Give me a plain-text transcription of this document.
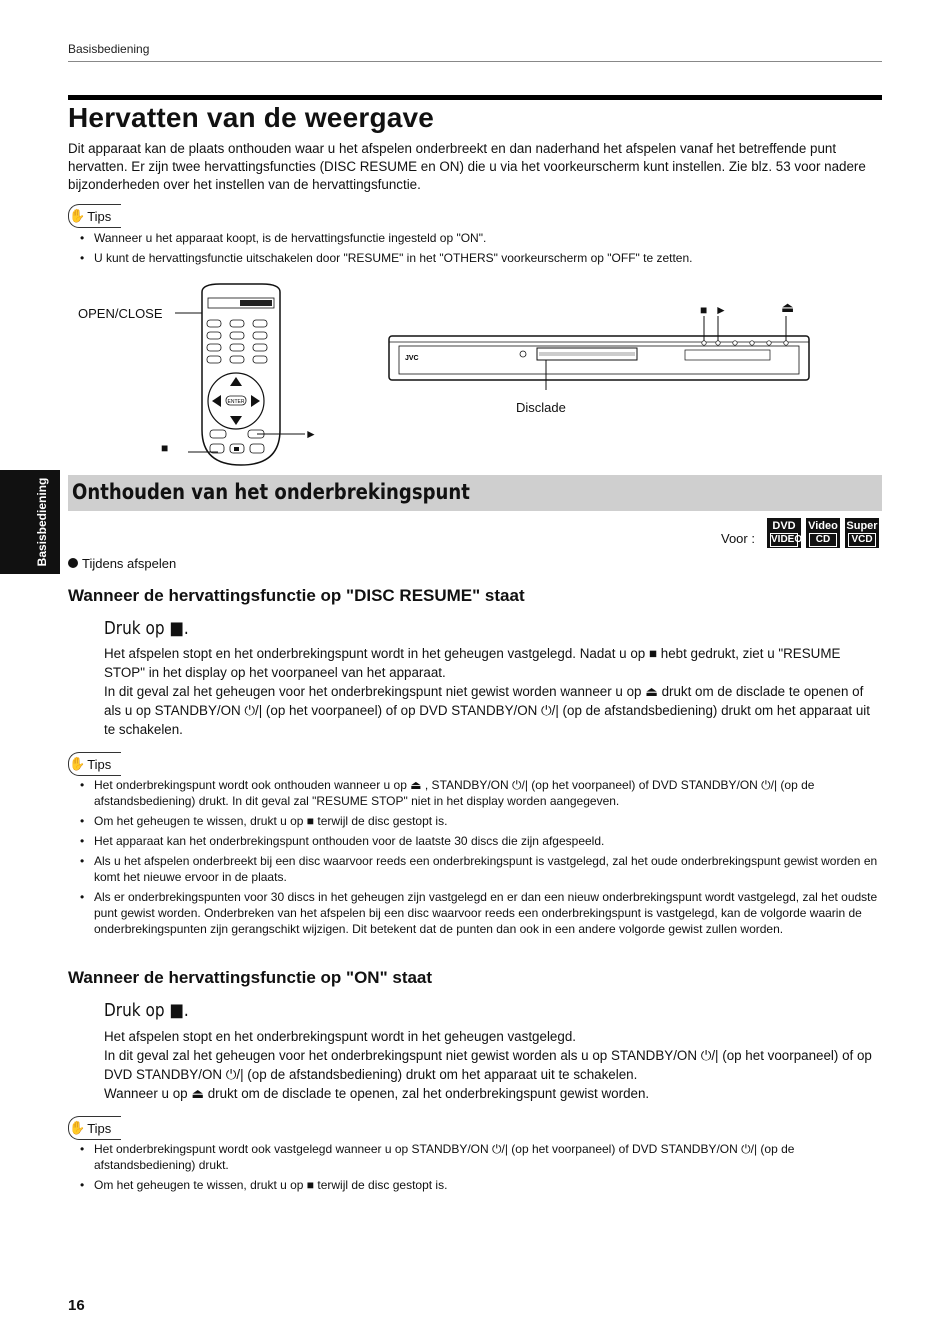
Basisbediening
Hervatten van de weergave
Dit apparaat kan de plaats onthouden waar u het afspelen onderbreekt en dan naderhand het afspelen vanaf het betreffende punt hervatten. Er zijn twee hervattingsfuncties (DISC RESUME en ON) die u via het voorkeurscherm kunt instellen. Zie blz. 53 voor nadere bijzonderheden over het instellen van de hervattingsfunctie.
✋ Tips
• Wanneer u het apparaat koopt, is de hervattingsfunctie ingesteld op "ON".
• U kunt de hervattingsfunctie uitschakelen door "RESUME" in het "OTHERS" voorkeurscherm op "OFF" te zetten.
OPEN/CLOSE
ENTER
■
►
JVC
■ ►	⏏
Disclade
Basisbediening Onthouden van het onderbrekingspunt
Voor :
DVD
VIDEO
Video
CD
Super
VCD
Tijdens afspelen
Wanneer de hervattingsfunctie op "DISC RESUME" staat
Druk op ■.
Het afspelen stopt en het onderbrekingspunt wordt in het geheugen vastgelegd. Nadat u op ■ hebt gedrukt, ziet u "RESUME STOP" in het display op het voorpaneel van het apparaat.
In dit geval zal het geheugen voor het onderbrekingspunt niet gewist worden wanneer u op ⏏ drukt om de disclade te openen of als u op STANDBY/ON ⏻/| (op het voorpaneel) of op DVD STANDBY/ON ⏻/| (op de afstandsbediening) drukt om het apparaat uit te schakelen.
✋ Tips
• Het onderbrekingspunt wordt ook onthouden wanneer u op ⏏ , STANDBY/ON ⏻/| (op het voorpaneel) of DVD STANDBY/ON ⏻/| (op de afstandsbediening) drukt. In dit geval zal "RESUME STOP" niet in het display worden aangegeven.
• Om het geheugen te wissen, drukt u op ■ terwijl de disc gestopt is.
• Het apparaat kan het onderbrekingspunt onthouden voor de laatste 30 discs die zijn afgespeeld.
• Als u het afspelen onderbreekt bij een disc waarvoor reeds een onderbrekingspunt is vastgelegd, zal het oude onderbrekingspunt gewist worden en komt het nieuwe ervoor in de plaats.
• Als er onderbrekingspunten voor 30 discs in het geheugen zijn vastgelegd en er dan een nieuw onderbrekingspunt wordt vastgelegd, zal het oudste punt gewist worden. Onderbreken van het afspelen bij een disc waarvoor reeds een onderbrekingspunt is vastgelegd, kan de volgorde waarin de onderbrekingspunten zijn gerangschikt wijzigen. Dit betekent dat de punten dan ook in een andere volgorde gewist zullen worden.
Wanneer de hervattingsfunctie op "ON" staat
Druk op ■.
Het afspelen stopt en het onderbrekingspunt wordt in het geheugen vastgelegd.
In dit geval zal het geheugen voor het onderbrekingspunt niet gewist worden als u op STANDBY/ON ⏻/| (op het voorpaneel) of op DVD STANDBY/ON ⏻/| (op de afstandsbediening) drukt om het apparaat uit te schakelen.
Wanneer u op ⏏ drukt om de disclade te openen, zal het onderbrekingspunt gewist worden.
✋ Tips
• Het onderbrekingspunt wordt ook vastgelegd wanneer u op STANDBY/ON ⏻/| (op het voorpaneel) of DVD STANDBY/ON ⏻/| (op de afstandsbediening) drukt.
• Om het geheugen te wissen, drukt u op ■ terwijl de disc gestopt is.
16
